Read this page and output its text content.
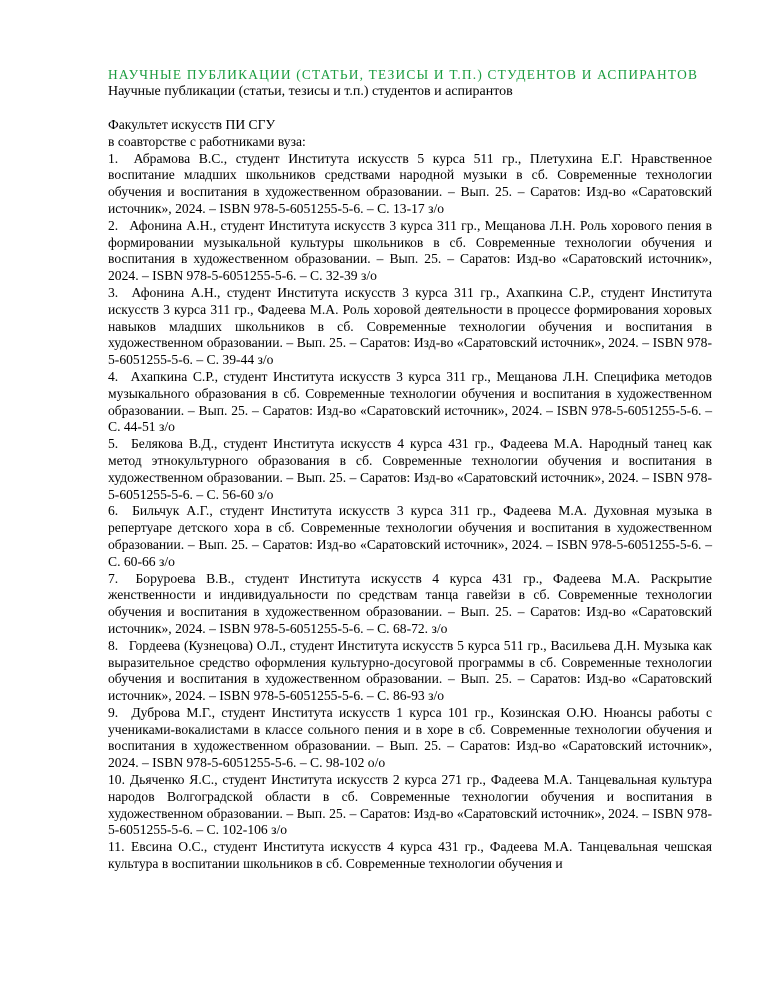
НАУЧНЫЕ ПУБЛИКАЦИИ (СТАТЬИ, ТЕЗИСЫ И Т.П.) СТУДЕНТОВ И АСПИРАНТОВ

Научные публикации (статьи, тезисы и т.п.) студентов и аспирантов

Факультет искусств ПИ СГУ

в соавторстве с работниками вуза:

1. Абрамова В.С., студент Института искусств 5 курса 511 гр., Плетухина Е.Г. Нравственное воспитание младших школьников средствами народной музыки в сб. Современные технологии обучения и воспитания в художественном образовании. – Вып. 25. – Саратов: Изд-во «Саратовский источник», 2024. – ISBN 978-5-6051255-5-6. – С. 13-17 з/о

2. Афонина А.Н., студент Института искусств 3 курса 311 гр., Мещанова Л.Н. Роль хорового пения в формировании музыкальной культуры школьников в сб. Современные технологии обучения и воспитания в художественном образовании. – Вып. 25. – Саратов: Изд-во «Саратовский источник», 2024. – ISBN 978-5-6051255-5-6. – С. 32-39 з/о

3. Афонина А.Н., студент Института искусств 3 курса 311 гр., Ахапкина С.Р., студент Института искусств 3 курса 311 гр., Фадеева М.А. Роль хоровой деятельности в процессе формирования хоровых навыков младших школьников в сб. Современные технологии обучения и воспитания в художественном образовании. – Вып. 25. – Саратов: Изд-во «Саратовский источник», 2024. – ISBN 978-5-6051255-5-6. – С. 39-44 з/о

4. Ахапкина С.Р., студент Института искусств 3 курса 311 гр., Мещанова Л.Н. Специфика методов музыкального образования в сб. Современные технологии обучения и воспитания в художественном образовании. – Вып. 25. – Саратов: Изд-во «Саратовский источник», 2024. – ISBN 978-5-6051255-5-6. – С. 44-51 з/о

5. Белякова В.Д., студент Института искусств 4 курса 431 гр., Фадеева М.А. Народный танец как метод этнокультурного образования в сб. Современные технологии обучения и воспитания в художественном образовании. – Вып. 25. – Саратов: Изд-во «Саратовский источник», 2024. – ISBN 978-5-6051255-5-6. – С. 56-60 з/о

6. Бильчук А.Г., студент Института искусств 3 курса 311 гр., Фадеева М.А. Духовная музыка в репертуаре детского хора в сб. Современные технологии обучения и воспитания в художественном образовании. – Вып. 25. – Саратов: Изд-во «Саратовский источник», 2024. – ISBN 978-5-6051255-5-6. – С. 60-66 з/о

7. Боруроева В.В., студент Института искусств 4 курса 431 гр., Фадеева М.А. Раскрытие женственности и индивидуальности по средствам танца гавейзи в сб. Современные технологии обучения и воспитания в художественном образовании. – Вып. 25. – Саратов: Изд-во «Саратовский источник», 2024. – ISBN 978-5-6051255-5-6. – С. 68-72. з/о

8. Гордеева (Кузнецова) О.Л., студент Института искусств 5 курса 511 гр., Васильева Д.Н. Музыка как выразительное средство оформления культурно-досуговой программы в сб. Современные технологии обучения и воспитания в художественном образовании. – Вып. 25. – Саратов: Изд-во «Саратовский источник», 2024. – ISBN 978-5-6051255-5-6. – С. 86-93 з/о

9. Дуброва М.Г., студент Института искусств 1 курса 101 гр., Козинская О.Ю. Нюансы работы с учениками-вокалистами в классе сольного пения и в хоре в сб. Современные технологии обучения и воспитания в художественном образовании. – Вып. 25. – Саратов: Изд-во «Саратовский источник», 2024. – ISBN 978-5-6051255-5-6. – С. 98-102 о/о

10. Дьяченко Я.С., студент Института искусств 2 курса 271 гр., Фадеева М.А. Танцевальная культура народов Волгоградской области в сб. Современные технологии обучения и воспитания в художественном образовании. – Вып. 25. – Саратов: Изд-во «Саратовский источник», 2024. – ISBN 978-5-6051255-5-6. – С. 102-106 з/о

11. Евсина О.С., студент Института искусств 4 курса 431 гр., Фадеева М.А. Танцевальная чешская культура в воспитании школьников в сб. Современные технологии обучения и
